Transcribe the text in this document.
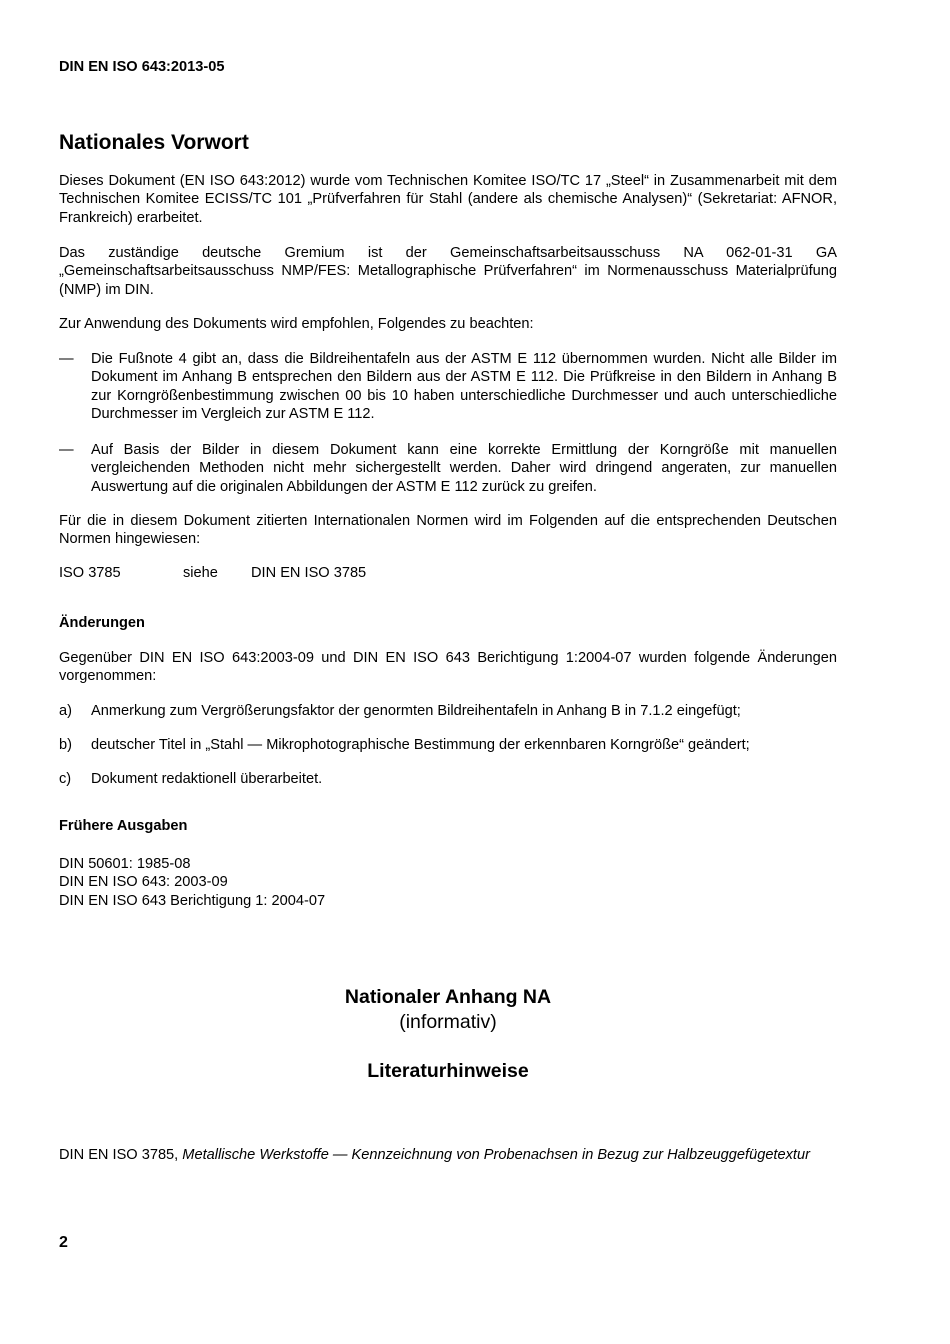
DIN EN ISO 643:2013-05
Nationales Vorwort
Dieses Dokument (EN ISO 643:2012) wurde vom Technischen Komitee ISO/TC 17 „Steel“ in Zusammenarbeit mit dem Technischen Komitee ECISS/TC 101 „Prüfverfahren für Stahl (andere als chemische Analysen)“ (Sekretariat: AFNOR, Frankreich) erarbeitet.
Das zuständige deutsche Gremium ist der Gemeinschaftsarbeitsausschuss NA 062-01-31 GA „Gemeinschaftsarbeitsausschuss NMP/FES: Metallographische Prüfverfahren“ im Normenausschuss Materialprüfung (NMP) im DIN.
Zur Anwendung des Dokuments wird empfohlen, Folgendes zu beachten:
— Die Fußnote 4 gibt an, dass die Bildreihentafeln aus der ASTM E 112 übernommen wurden. Nicht alle Bilder im Dokument im Anhang B entsprechen den Bildern aus der ASTM E 112. Die Prüfkreise in den Bildern in Anhang B zur Korngrößenbestimmung zwischen 00 bis 10 haben unterschiedliche Durchmesser und auch unterschiedliche Durchmesser im Vergleich zur ASTM E 112.
— Auf Basis der Bilder in diesem Dokument kann eine korrekte Ermittlung der Korngröße mit manuellen vergleichenden Methoden nicht mehr sichergestellt werden. Daher wird dringend angeraten, zur manuellen Auswertung auf die originalen Abbildungen der ASTM E 112 zurück zu greifen.
Für die in diesem Dokument zitierten Internationalen Normen wird im Folgenden auf die entsprechenden Deutschen Normen hingewiesen:
ISO 3785	siehe DIN EN ISO 3785
Änderungen
Gegenüber DIN EN ISO 643:2003-09 und DIN EN ISO 643 Berichtigung 1:2004-07 wurden folgende Änderungen vorgenommen:
a) Anmerkung zum Vergrößerungsfaktor der genormten Bildreihentafeln in Anhang B in 7.1.2 eingefügt;
b) deutscher Titel in „Stahl — Mikrophotographische Bestimmung der erkennbaren Korngröße“ geändert;
c) Dokument redaktionell überarbeitet.
Frühere Ausgaben
DIN 50601: 1985-08
DIN EN ISO 643: 2003-09
DIN EN ISO 643 Berichtigung 1: 2004-07
Nationaler Anhang NA
(informativ)
Literaturhinweise
DIN EN ISO 3785, Metallische Werkstoffe — Kennzeichnung von Probenachsen in Bezug zur Halbzeuggefügetextur
2
